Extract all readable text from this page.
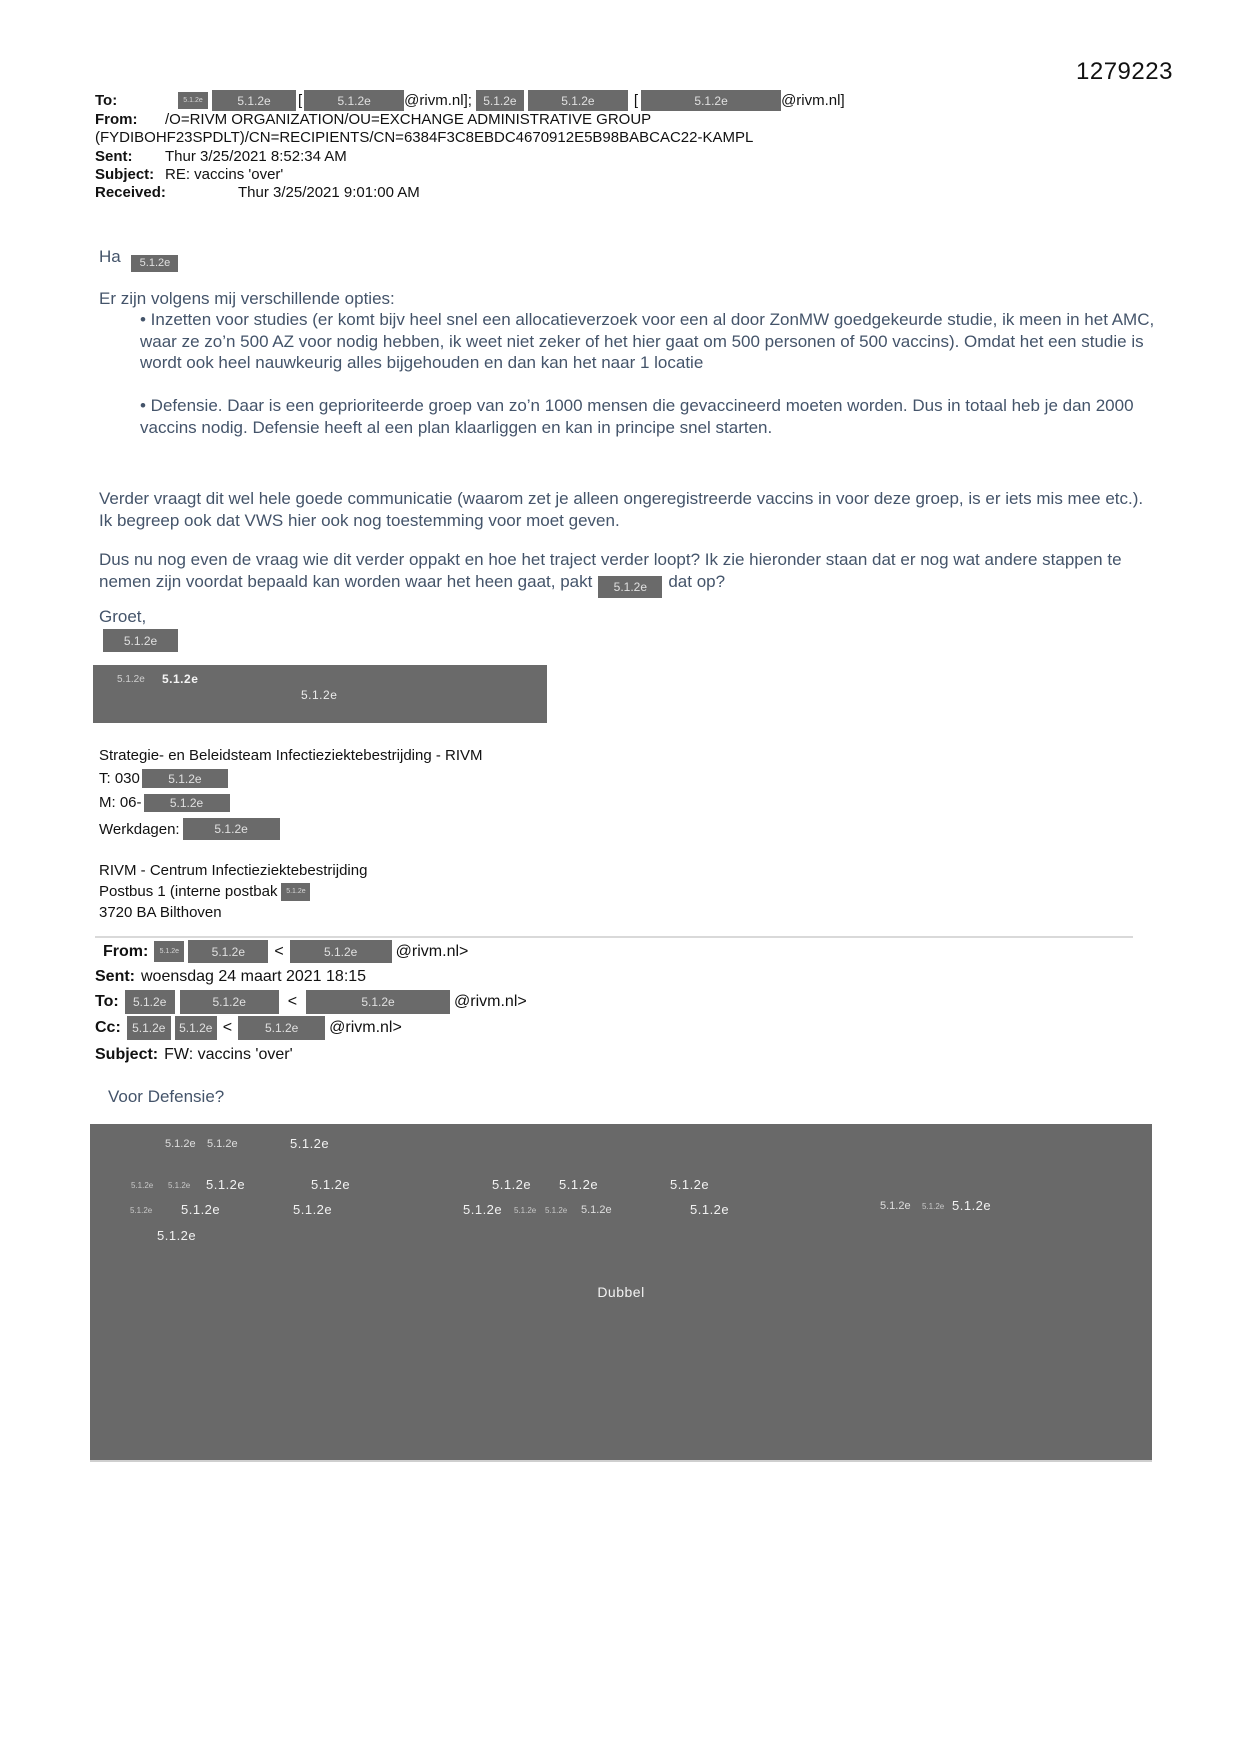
1279223
To:	5.1.2e	5.1.2e	[	5.1.2e	@rivm.nl]; 5.1.2e	5.1.2e	[	5.1.2e	@rivm.nl]
From:	/O=RIVM ORGANIZATION/OU=EXCHANGE ADMINISTRATIVE GROUP
(FYDIBOHF23SPDLT)/CN=RECIPIENTS/CN=6384F3C8EBDC4670912E5B98BABCAC22-KAMPL
Sent:	Thur 3/25/2021 8:52:34 AM
Subject: RE: vaccins 'over'
Received:	Thur 3/25/2021 9:01:00 AM
Ha 5.1.2e
Er zijn volgens mij verschillende opties:
• Inzetten voor studies (er komt bijv heel snel een allocatieverzoek voor een al door ZonMW goedgekeurde studie, ik meen in het AMC, waar ze zo’n 500 AZ voor nodig hebben, ik weet niet zeker of het hier gaat om 500 personen of 500 vaccins). Omdat het een studie is wordt ook heel nauwkeurig alles bijgehouden en dan kan het naar 1 locatie
• Defensie. Daar is een geprioriteerde groep van zo’n 1000 mensen die gevaccineerd moeten worden. Dus in totaal heb je dan 2000 vaccins nodig. Defensie heeft al een plan klaarliggen en kan in principe snel starten.
Verder vraagt dit wel hele goede communicatie (waarom zet je alleen ongeregistreerde vaccins in voor deze groep, is er iets mis mee etc.). Ik begreep ook dat VWS hier ook nog toestemming voor moet geven.
Dus nu nog even de vraag wie dit verder oppakt en hoe het traject verder loopt? Ik zie hieronder staan dat er nog wat andere stappen te nemen zijn voordat bepaald kan worden waar het heen gaat, pakt 5.1.2e dat op?
Groet,
5.1.2e
5.1.2e 5.1.2e
5.1.2e
Strategie- en Beleidsteam Infectieziektebestrijding - RIVM
T: 030	5.1.2e
M: 06-	5.1.2e
Werkdagen:	5.1.2e
RIVM - Centrum Infectieziektebestrijding
Postbus 1 (interne postbak	5.1.2e
3720 BA Bilthoven
From:	5.1.2e	5.1.2e	<	5.1.2e	@rivm.nl>
Sent: woensdag 24 maart 2021 18:15
To:	5.1.2e	5.1.2e	<	5.1.2e	@rivm.nl>
Cc: 5.1.2e	5.1.2e <	5.1.2e	@rivm.nl>
Subject: FW: vaccins 'over'
Voor Defensie?
5.1.2e 5.1.2e	5.1.2e
5.1.2e 5.1.2e 5.1.2e	5.1.2e	5.1.2e 5.1.2e	5.1.2e
5.1.2e 5.1.2e	5.1.2e	5.1.2e 5.1.2e 5.1.2e 5.1.2e	5.1.2e	5.1.2e 5.1.2e 5.1.2e
5.1.2e
Dubbel
